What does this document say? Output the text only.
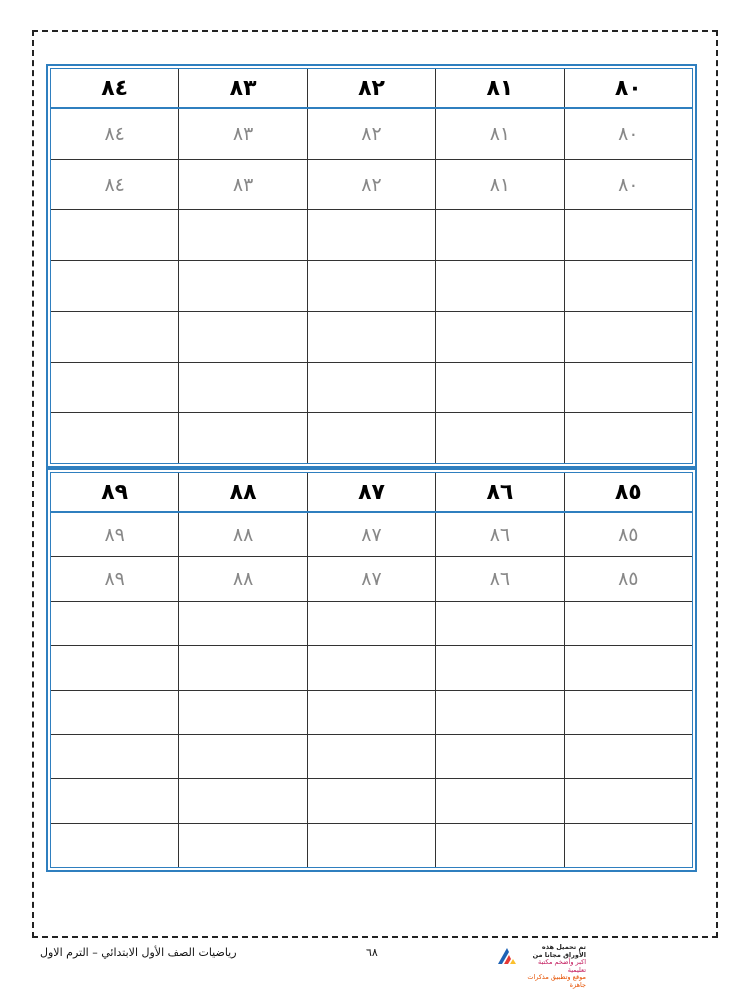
٨٠
٨١
٨٢
٨٣
٨٤
٨٠
٨١
٨٢
٨٣
٨٤
٨٠
٨١
٨٢
٨٣
٨٤
٨٥
٨٦
٨٧
٨٨
٨٩
٨٥
٨٦
٨٧
٨٨
٨٩
٨٥
٨٦
٨٧
٨٨
٨٩
رياضيات الصف الأول الابتدائي – الترم الاول	٦٨	تم تحميل هذه الأوراق مجانا من
اكبر وأضخم مكتبة تعليمية
موقع وتطبيق مذكرات جاهزة
